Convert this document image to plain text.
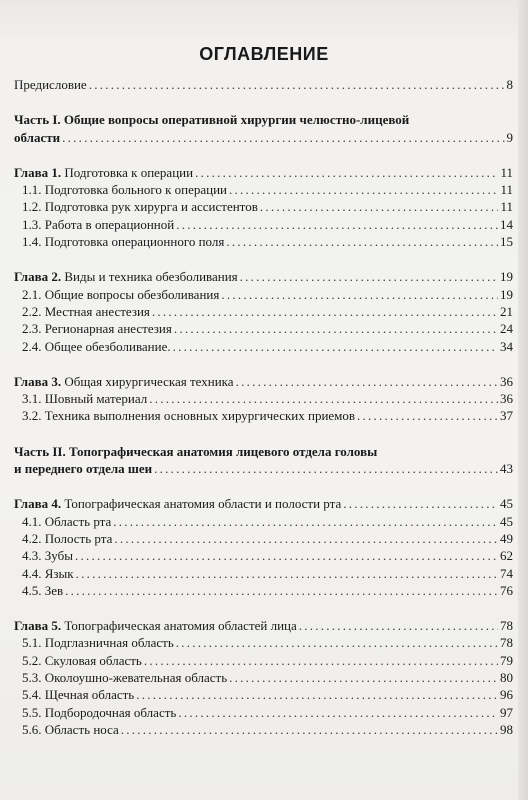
ОГЛАВЛЕНИЕ
Предисловие . . .	8
Часть I. Общие вопросы оперативной хирургии челюстно-лицевой
области . . .	9
Глава 1. Подготовка к операции . . .	11
1.1. Подготовка больного к операции . . .	11
1.2. Подготовка рук хирурга и ассистентов . . .	11
1.3. Работа в операционной . . .	14
1.4. Подготовка операционного поля . . .	15
Глава 2. Виды и техника обезболивания . . .	19
2.1. Общие вопросы обезболивания . . .	19
2.2. Местная анестезия . . .	21
2.3. Регионарная анестезия . . .	24
2.4. Общее обезболивание. . . .	34
Глава 3. Общая хирургическая техника . . .	36
3.1. Шовный материал . . .	36
3.2. Техника выполнения основных хирургических приемов . . .	37
Часть II. Топографическая анатомия лицевого отдела головы
и переднего отдела шеи . . .	43
Глава 4. Топографическая анатомия области и полости рта . . .	45
4.1. Область рта . . .	45
4.2. Полость рта . . .	49
4.3. Зубы . . .	62
4.4. Язык . . .	74
4.5. Зев . . .	76
Глава 5. Топографическая анатомия областей лица . . .	78
5.1. Подглазничная область . . .	78
5.2. Скуловая область . . .	79
5.3. Околоушно-жевательная область . . .	80
5.4. Щечная область . . .	96
5.5. Подбородочная область . . .	97
5.6. Область носа . . .	98
